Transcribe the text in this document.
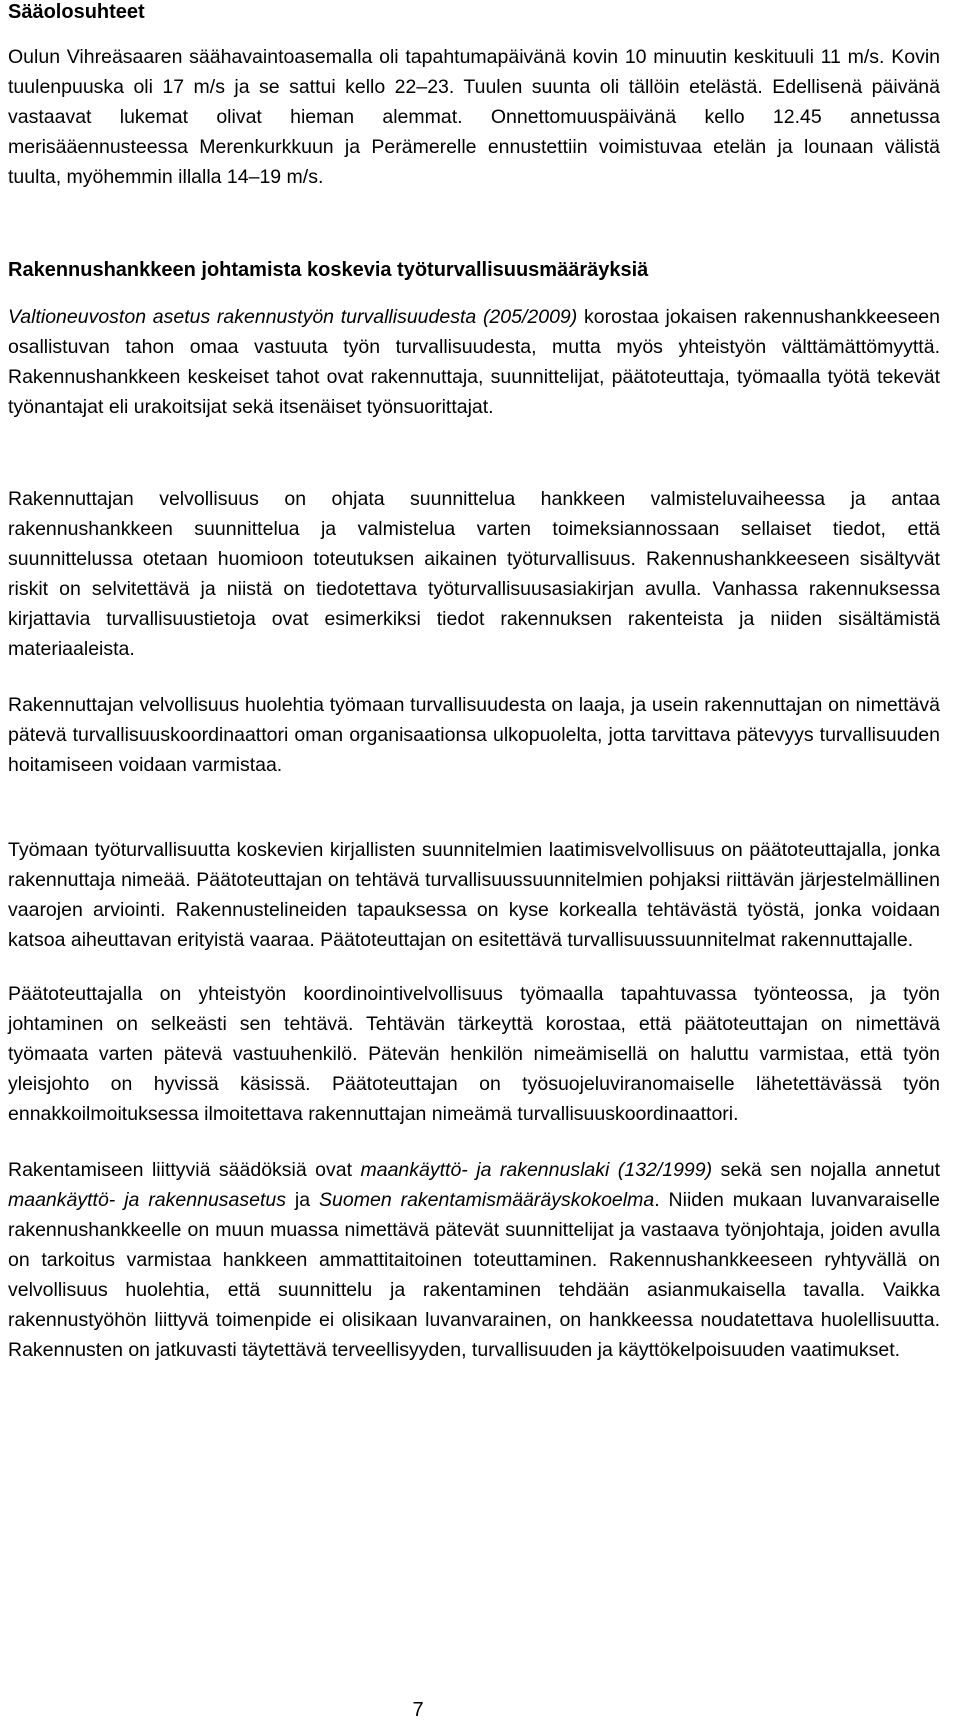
Sääolosuhteet

Oulun Vihreäsaaren säähavaintoasemalla oli tapahtumapäivänä kovin 10 minuutin keskituuli 11 m/s. Kovin tuulenpuuska oli 17 m/s ja se sattui kello 22–23. Tuulen suunta oli tällöin etelästä. Edellisenä päivänä vastaavat lukemat olivat hieman alemmat. Onnettomuuspäivänä kello 12.45 annetussa merisääennusteessa Merenkurkkuun ja Perämerelle ennustettiin voimistuvaa etelän ja lounaan välistä tuulta, myöhemmin illalla 14–19 m/s.

Rakennushankkeen johtamista koskevia työturvallisuusmääräyksiä

Valtioneuvoston asetus rakennustyön turvallisuudesta (205/2009) korostaa jokaisen rakennushankkeeseen osallistuvan tahon omaa vastuuta työn turvallisuudesta, mutta myös yhteistyön välttämättömyyttä. Rakennushankkeen keskeiset tahot ovat rakennuttaja, suunnittelijat, päätoteuttaja, työmaalla työtä tekevät työnantajat eli urakoitsijat sekä itsenäiset työnsuorittajat.

Rakennuttajan velvollisuus on ohjata suunnittelua hankkeen valmisteluvaiheessa ja antaa rakennushankkeen suunnittelua ja valmistelua varten toimeksiannossaan sellaiset tiedot, että suunnittelussa otetaan huomioon toteutuksen aikainen työturvallisuus. Rakennushankkeeseen sisältyvät riskit on selvitettävä ja niistä on tiedotettava työturvallisuusasiakirjan avulla. Vanhassa rakennuksessa kirjattavia turvallisuustietoja ovat esimerkiksi tiedot rakennuksen rakenteista ja niiden sisältämistä materiaaleista.

Rakennuttajan velvollisuus huolehtia työmaan turvallisuudesta on laaja, ja usein rakennuttajan on nimettävä pätevä turvallisuuskoordinaattori oman organisaationsa ulkopuolelta, jotta tarvittava pätevyys turvallisuuden hoitamiseen voidaan varmistaa.

Työmaan työturvallisuutta koskevien kirjallisten suunnitelmien laatimisvelvollisuus on päätoteuttajalla, jonka rakennuttaja nimeää. Päätoteuttajan on tehtävä turvallisuussuunnitelmien pohjaksi riittävän järjestelmällinen vaarojen arviointi. Rakennustelineiden tapauksessa on kyse korkealla tehtävästä työstä, jonka voidaan katsoa aiheuttavan erityistä vaaraa. Päätoteuttajan on esitettävä turvallisuussuunnitelmat rakennuttajalle.

Päätoteuttajalla on yhteistyön koordinointivelvollisuus työmaalla tapahtuvassa työnteossa, ja työn johtaminen on selkeästi sen tehtävä. Tehtävän tärkeyttä korostaa, että päätoteuttajan on nimettävä työmaata varten pätevä vastuuhenkilö. Pätevän henkilön nimeämisellä on haluttu varmistaa, että työn yleisjohto on hyvissä käsissä. Päätoteuttajan on työsuojeluviranomaiselle lähetettävässä työn ennakkoilmoituksessa ilmoitettava rakennuttajan nimeämä turvallisuuskoordinaattori.

Rakentamiseen liittyviä säädöksiä ovat maankäyttö- ja rakennuslaki (132/1999) sekä sen nojalla annetut maankäyttö- ja rakennusasetus ja Suomen rakentamismääräyskokoelma. Niiden mukaan luvanvaraiselle rakennushankkeelle on muun muassa nimettävä pätevät suunnittelijat ja vastaava työnjohtaja, joiden avulla on tarkoitus varmistaa hankkeen ammattitaitoinen toteuttaminen. Rakennushankkeeseen ryhtyvällä on velvollisuus huolehtia, että suunnittelu ja rakentaminen tehdään asianmukaisella tavalla. Vaikka rakennustyöhön liittyvä toimenpide ei olisikaan luvanvarainen, on hankkeessa noudatettava huolellisuutta. Rakennusten on jatkuvasti täytettävä terveellisyyden, turvallisuuden ja käyttökelpoisuuden vaatimukset.

7
